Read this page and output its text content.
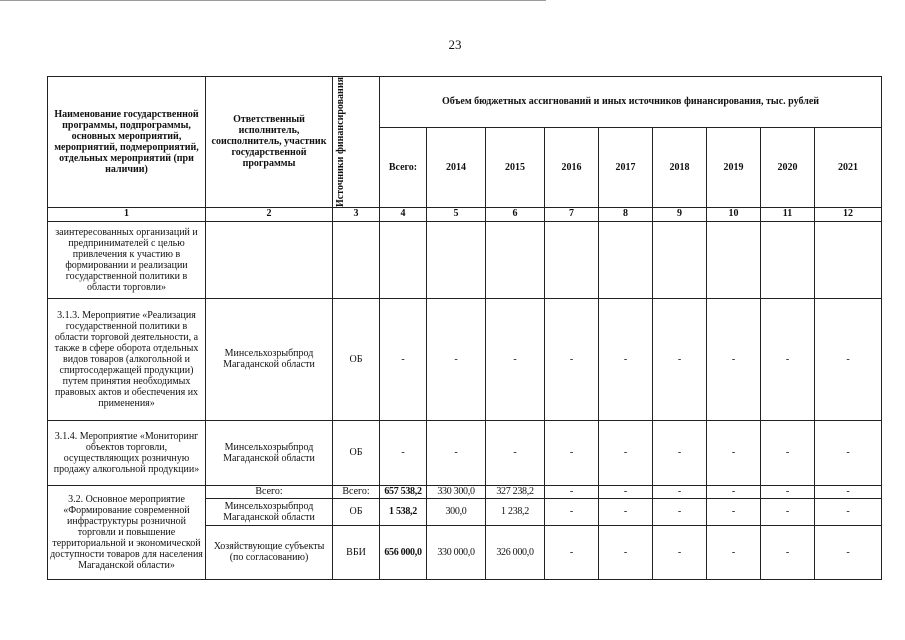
23
Наименование государственной программы, подпрограммы, основных мероприятий, мероприятий, подмероприятий, отдельных мероприятий (при наличии)	Ответственный исполнитель, соисполнитель, участник государственной программы	Источники финансирования	Объем бюджетных ассигнований и иных источников финансирования, тыс. рублей								
			Всего:	2014	2015	2016	2017	2018	2019	2020	2021
1	2	3	4	5	6	7	8	9	10	11	12
заинтересованных организаций и предпринимателей с целью привлечения к участию в формировании и реализации государственной политики в области торговли»											
3.1.3. Мероприятие «Реализация государственной политики в области торговой деятельности, а также в сфере оборота отдельных видов товаров (алкогольной и спиртосодержащей продукции) путем принятия необходимых правовых актов и обеспечения их применения»	Минсельхозрыбпрод Магаданской области	ОБ	-	-	-	-	-	-	-	-	-
3.1.4. Мероприятие «Мониторинг объектов торговли, осуществляющих розничную продажу алкогольной продукции»	Минсельхозрыбпрод Магаданской области	ОБ	-	-	-	-	-	-	-	-	-
3.2. Основное мероприятие «Формирование современной инфраструктуры розничной торговли и повышение территориальной и экономической доступности товаров для населения Магаданской области»	Всего:	Всего:	657 538,2	330 300,0	327 238,2	-	-	-	-	-	-
	Минсельхозрыбпрод Магаданской области	ОБ	1 538,2	300,0	1 238,2	-	-	-	-	-	-
	Хозяйствующие субъекты (по согласованию)	ВБИ	656 000,0	330 000,0	326 000,0	-	-	-	-	-	-
